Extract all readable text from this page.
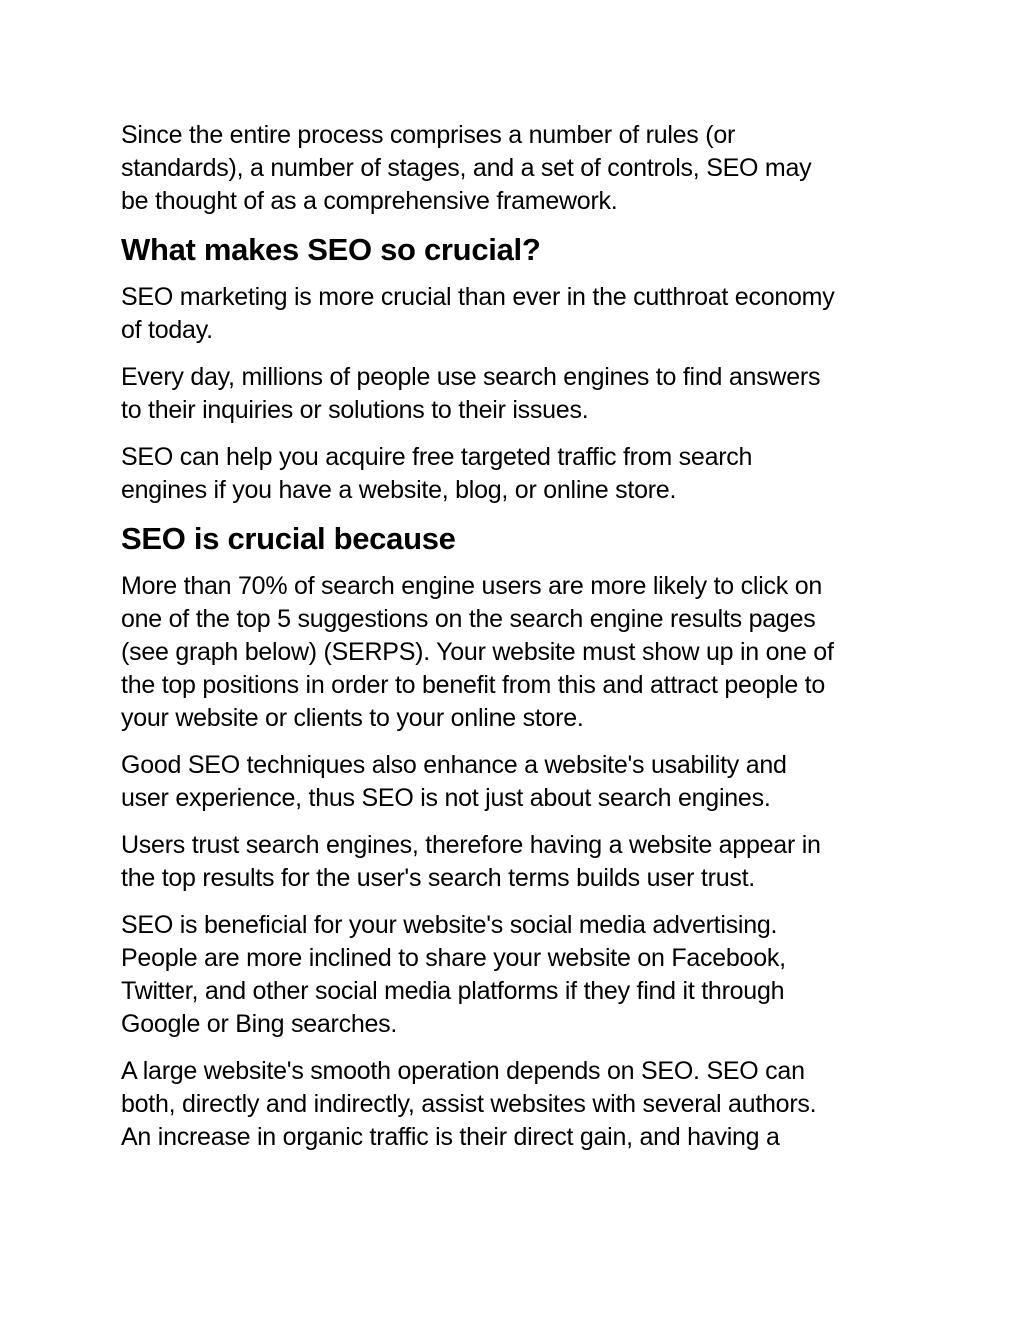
Since the entire process comprises a number of rules (or
standards), a number of stages, and a set of controls, SEO may
be thought of as a comprehensive framework.

What makes SEO so crucial?

SEO marketing is more crucial than ever in the cutthroat economy
of today.

Every day, millions of people use search engines to find answers
to their inquiries or solutions to their issues.

SEO can help you acquire free targeted traffic from search
engines if you have a website, blog, or online store.

SEO is crucial because

More than 70% of search engine users are more likely to click on
one of the top 5 suggestions on the search engine results pages
(see graph below) (SERPS). Your website must show up in one of
the top positions in order to benefit from this and attract people to
your website or clients to your online store.

Good SEO techniques also enhance a website's usability and
user experience, thus SEO is not just about search engines.

Users trust search engines, therefore having a website appear in
the top results for the user's search terms builds user trust.

SEO is beneficial for your website's social media advertising.
People are more inclined to share your website on Facebook,
Twitter, and other social media platforms if they find it through
Google or Bing searches.

A large website's smooth operation depends on SEO. SEO can
both, directly and indirectly, assist websites with several authors.
An increase in organic traffic is their direct gain, and having a
